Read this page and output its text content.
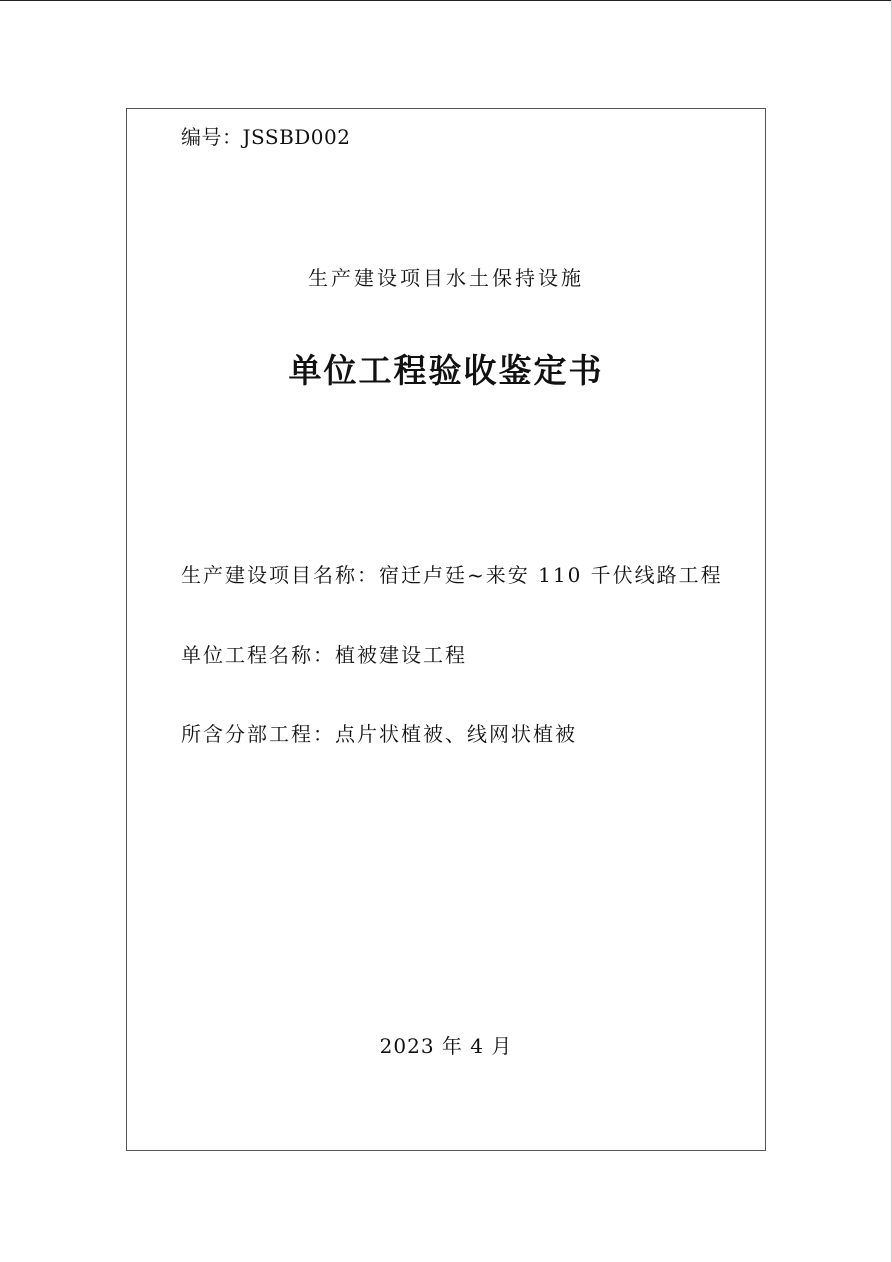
编号：JSSBD002
生产建设项目水土保持设施
单位工程验收鉴定书
生产建设项目名称：宿迁卢廷~来安 110 千伏线路工程
单位工程名称：植被建设工程
所含分部工程：点片状植被、线网状植被
2023 年 4 月
